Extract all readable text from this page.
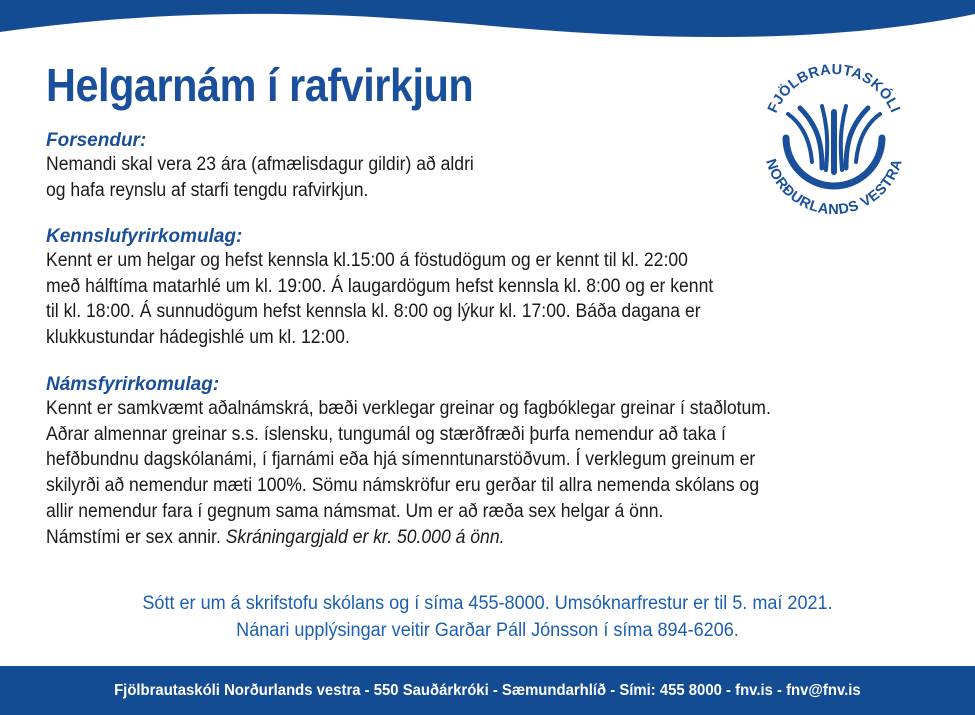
Helgarnám í rafvirkjun	FJÖLBRAUTASKÓLI
NORÐURLANDS VESTRA

Forsendur:

Nemandi skal vera 23 ára (afmælisdagur gildir) að aldri
og hafa reynslu af starfi tengdu rafvirkjun.

Kennslufyrirkomulag:

Kennt er um helgar og hefst kennsla kl.15:00 á föstudögum og er kennt til kl. 22:00
með hálftíma matarhlé um kl. 19:00. Á laugardögum hefst kennsla kl. 8:00 og er kennt
til kl. 18:00. Á sunnudögum hefst kennsla kl. 8:00 og lýkur kl. 17:00. Báða dagana er
klukkustundar hádegishlé um kl. 12:00.

Námsfyrirkomulag:

Kennt er samkvæmt aðalnámskrá, bæði verklegar greinar og fagbóklegar greinar í staðlotum.
Aðrar almennar greinar s.s. íslensku, tungumál og stærðfræði þurfa nemendur að taka í
hefðbundnu dagskólanámi, í fjarnámi eða hjá símenntunarstöðvum. Í verklegum greinum er
skilyrði að nemendur mæti 100%. Sömu námskröfur eru gerðar til allra nemenda skólans og
allir nemendur fara í gegnum sama námsmat. Um er að ræða sex helgar á önn.
Námstími er sex annir. Skráningargjald er kr. 50.000 á önn.

Sótt er um á skrifstofu skólans og í síma 455-8000. Umsóknarfrestur er til 5. maí 2021.
Nánari upplýsingar veitir Garðar Páll Jónsson í síma 894-6206.
Fjölbrautaskóli Norðurlands vestra - 550 Sauðárkróki - Sæmundarhlíð - Sími: 455 8000 - fnv.is - fnv@fnv.is
